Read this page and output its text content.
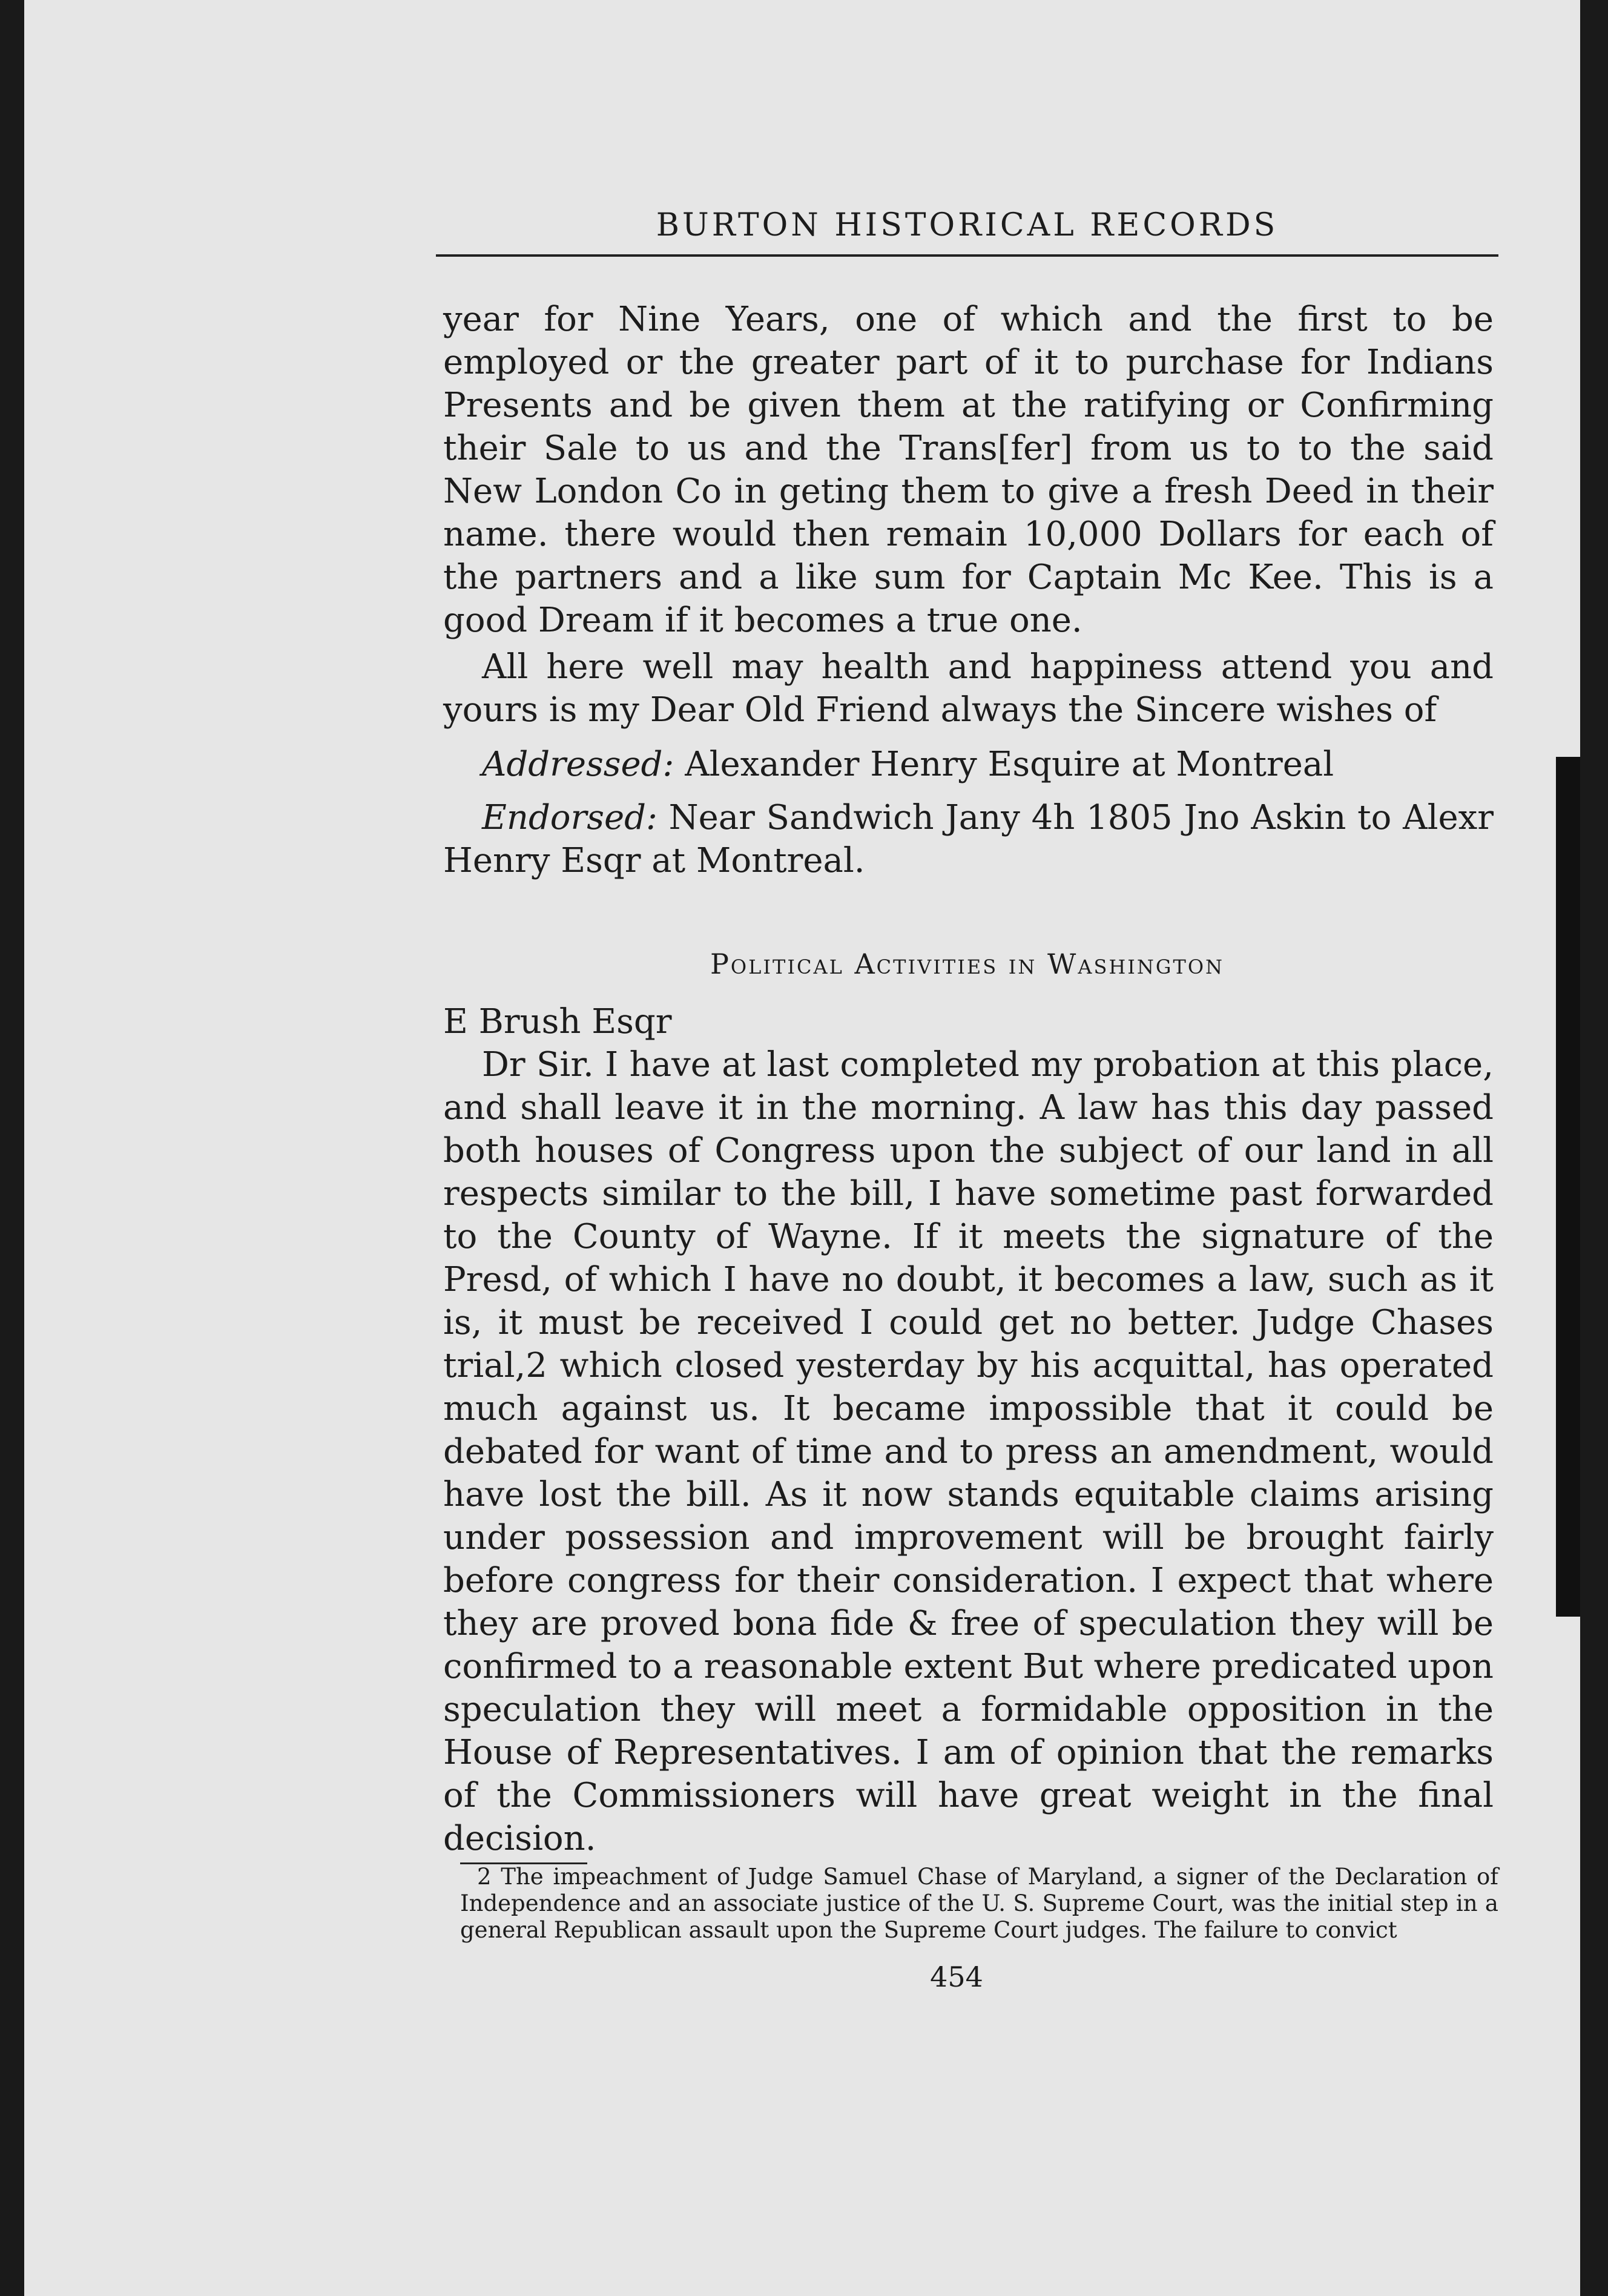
BURTON HISTORICAL RECORDS

year for Nine Years, one of which and the first to be employed or the greater part of it to purchase for Indians Presents and be given them at the ratifying or Confirming their Sale to us and the Trans[fer] from us to to the said New London Co in geting them to give a fresh Deed in their name. there would then remain 10,000 Dollars for each of the partners and a like sum for Captain Mc Kee. This is a good Dream if it becomes a true one.

All here well may health and happiness attend you and yours is my Dear Old Friend always the Sincere wishes of

Addressed: Alexander Henry Esquire at Montreal

Endorsed: Near Sandwich Jany 4h 1805 Jno Askin to Alexr Henry Esqr at Montreal.

Political Activities in Washington

E Brush Esqr

Dr Sir. I have at last completed my probation at this place, and shall leave it in the morning. A law has this day passed both houses of Congress upon the subject of our land in all respects similar to the bill, I have sometime past forwarded to the County of Wayne. If it meets the signature of the Presd, of which I have no doubt, it becomes a law, such as it is, it must be received I could get no better. Judge Chases trial,2 which closed yesterday by his acquittal, has operated much against us. It became impossible that it could be debated for want of time and to press an amendment, would have lost the bill. As it now stands equitable claims arising under possession and improvement will be brought fairly before congress for their consideration. I expect that where they are proved bona fide & free of speculation they will be confirmed to a reasonable extent But where predicated upon speculation they will meet a formidable opposition in the House of Representatives. I am of opinion that the remarks of the Commissioners will have great weight in the final decision.

2 The impeachment of Judge Samuel Chase of Maryland, a signer of the Declaration of Independence and an associate justice of the U. S. Supreme Court, was the initial step in a general Republican assault upon the Supreme Court judges. The failure to convict
454
